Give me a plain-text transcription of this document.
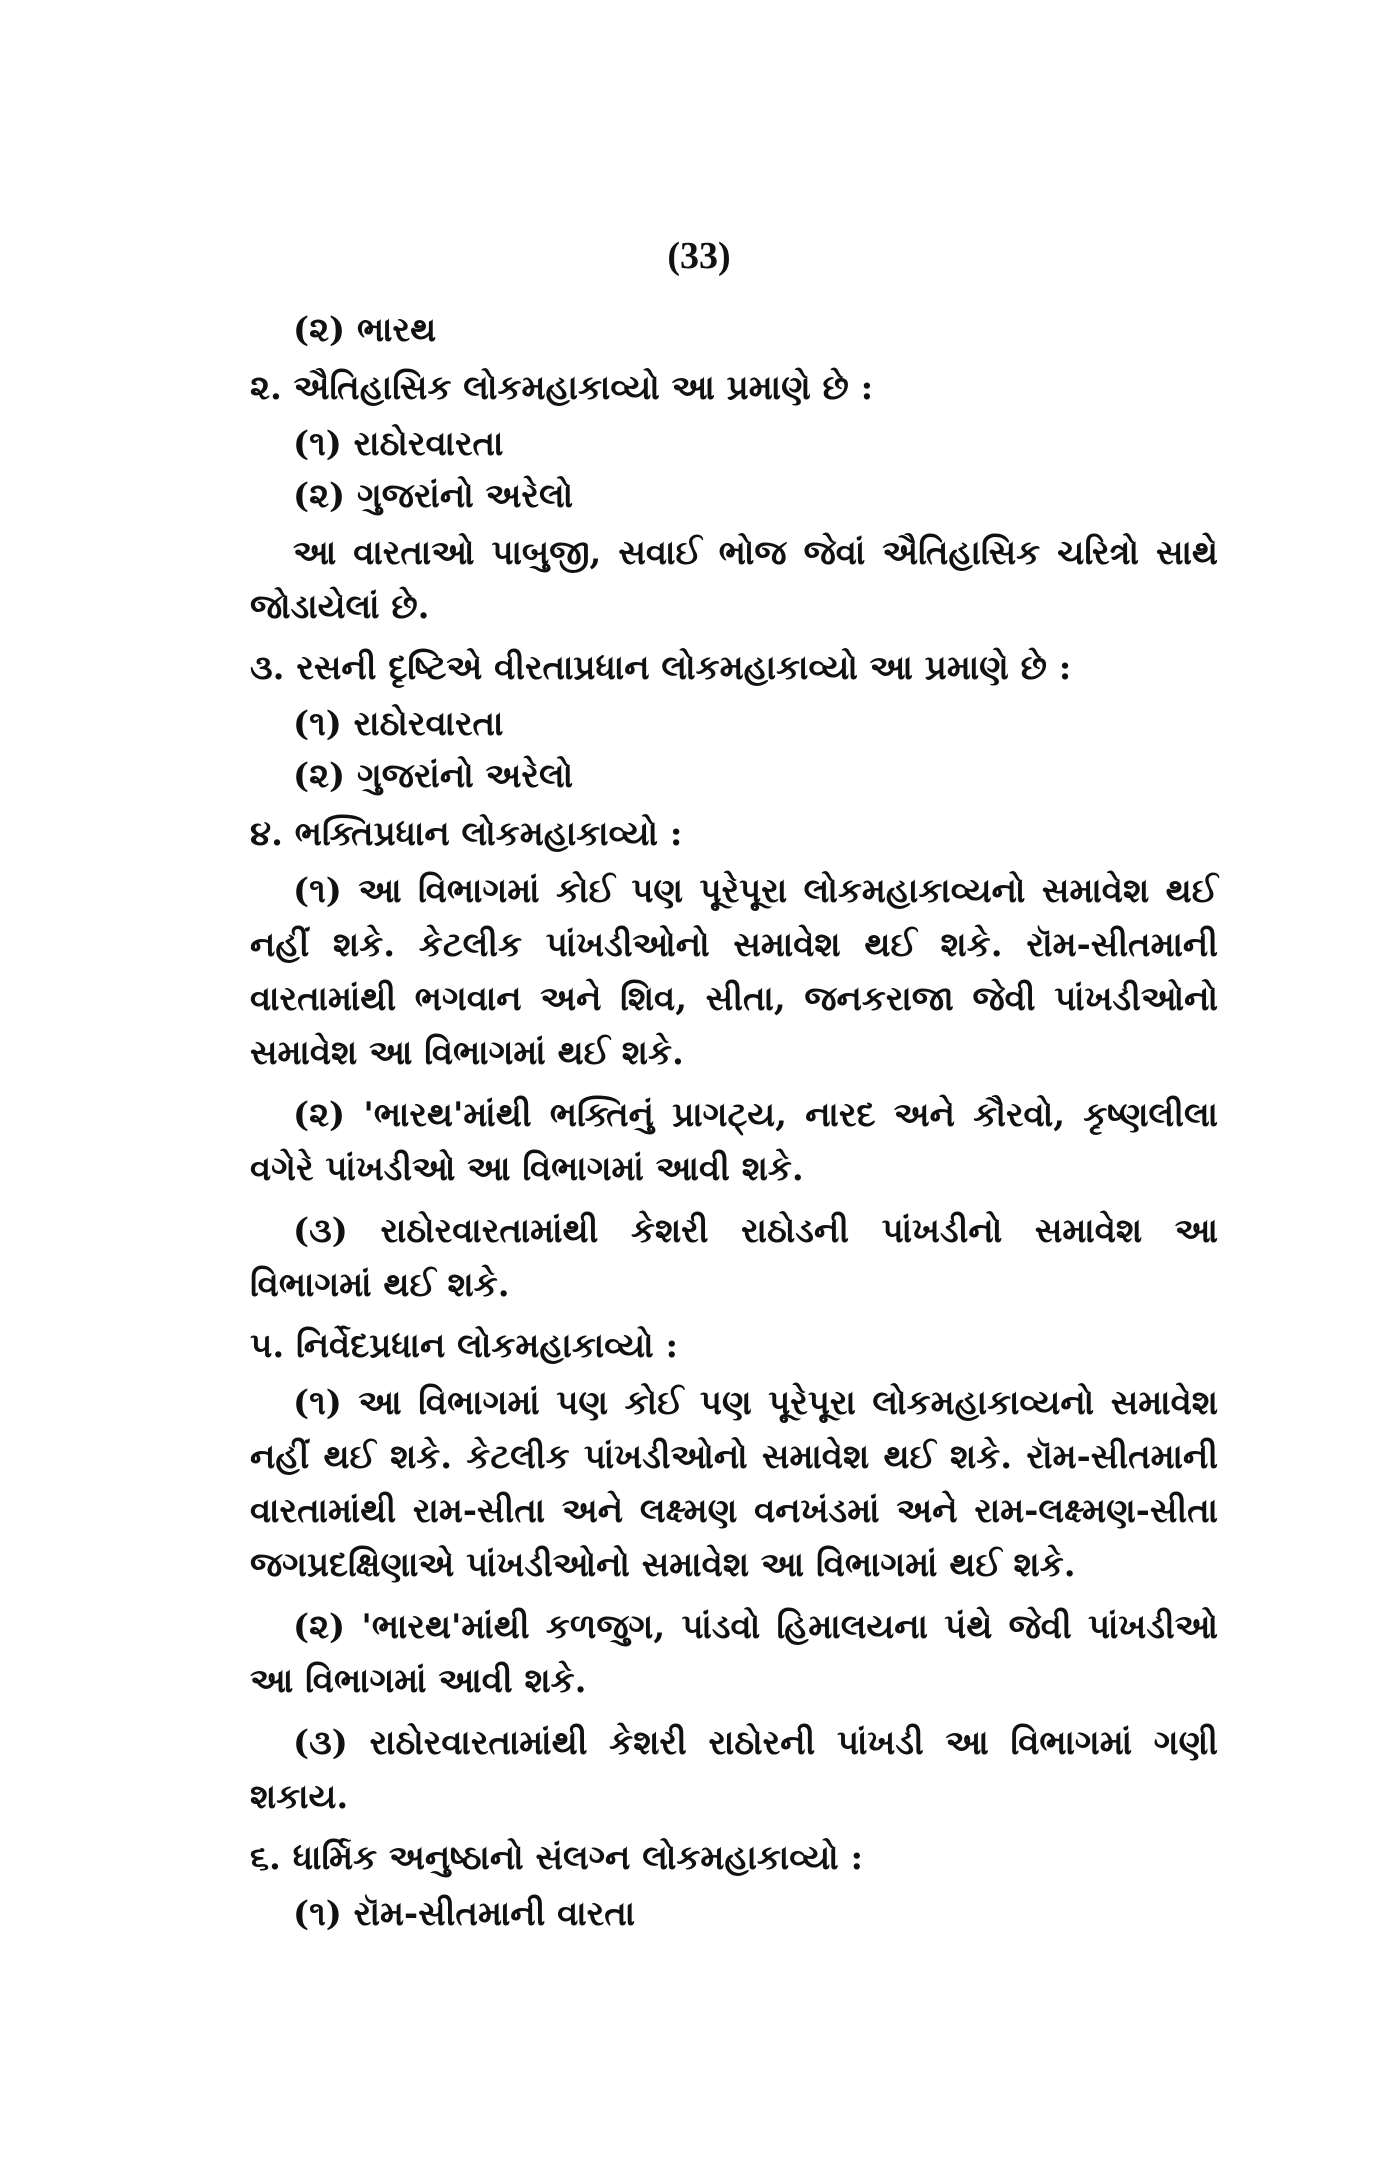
(33)

(૨) ભારથ

૨. ઐતિહાસિક લોકમહાકાવ્યો આ પ્રમાણે છે :

(૧) રાઠોરવારતા

(૨) ગુજરાંનો અરેલો

આ વારતાઓ પાબુજી, સવાઈ ભોજ જેવાં ઐતિહાસિક ચરિત્રો સાથે જોડાયેલાં છે.

૩. રસની દૃષ્ટિએ વીરતાપ્રધાન લોકમહાકાવ્યો આ પ્રમાણે છે :

(૧) રાઠોરવારતા

(૨) ગુજરાંનો અરેલો

૪. ભક્તિપ્રધાન લોકમહાકાવ્યો :

(૧) આ વિભાગમાં કોઈ પણ પૂરેપૂરા લોકમહાકાવ્યનો સમાવેશ થઈ નહીં શકે. કેટલીક પાંખડીઓનો સમાવેશ થઈ શકે. રૉમ-સીતમાની વારતામાંથી ભગવાન અને શિવ, સીતા, જનકરાજા જેવી પાંખડીઓનો સમાવેશ આ વિભાગમાં થઈ શકે.

(૨) 'ભારથ'માંથી ભક્તિનું પ્રાગટ્ય, નારદ અને કૌરવો, કૃષ્ણલીલા વગેરે પાંખડીઓ આ વિભાગમાં આવી શકે.

(૩) રાઠોરવારતામાંથી કેશરી રાઠોડની પાંખડીનો સમાવેશ આ વિભાગમાં થઈ શકે.

૫. નિર્વેદપ્રધાન લોકમહાકાવ્યો :

(૧) આ વિભાગમાં પણ કોઈ પણ પૂરેપૂરા લોકમહાકાવ્યનો સમાવેશ નહીં થઈ શકે. કેટલીક પાંખડીઓનો સમાવેશ થઈ શકે. રૉમ-સીતમાની વારતામાંથી રામ-સીતા અને લક્ષ્મણ વનખંડમાં અને રામ-લક્ષ્મણ-સીતા જગપ્રદક્ષિણાએ પાંખડીઓનો સમાવેશ આ વિભાગમાં થઈ શકે.

(૨) 'ભારથ'માંથી કળજુગ, પાંડવો હિમાલયના પંથે જેવી પાંખડીઓ આ વિભાગમાં આવી શકે.

(૩) રાઠોરવારતામાંથી કેશરી રાઠોરની પાંખડી આ વિભાગમાં ગણી શકાય.

૬. ધાર્મિક અનુષ્ઠાનો સંલગ્ન લોકમહાકાવ્યો :

(૧) રૉમ-સીતમાની વારતા
